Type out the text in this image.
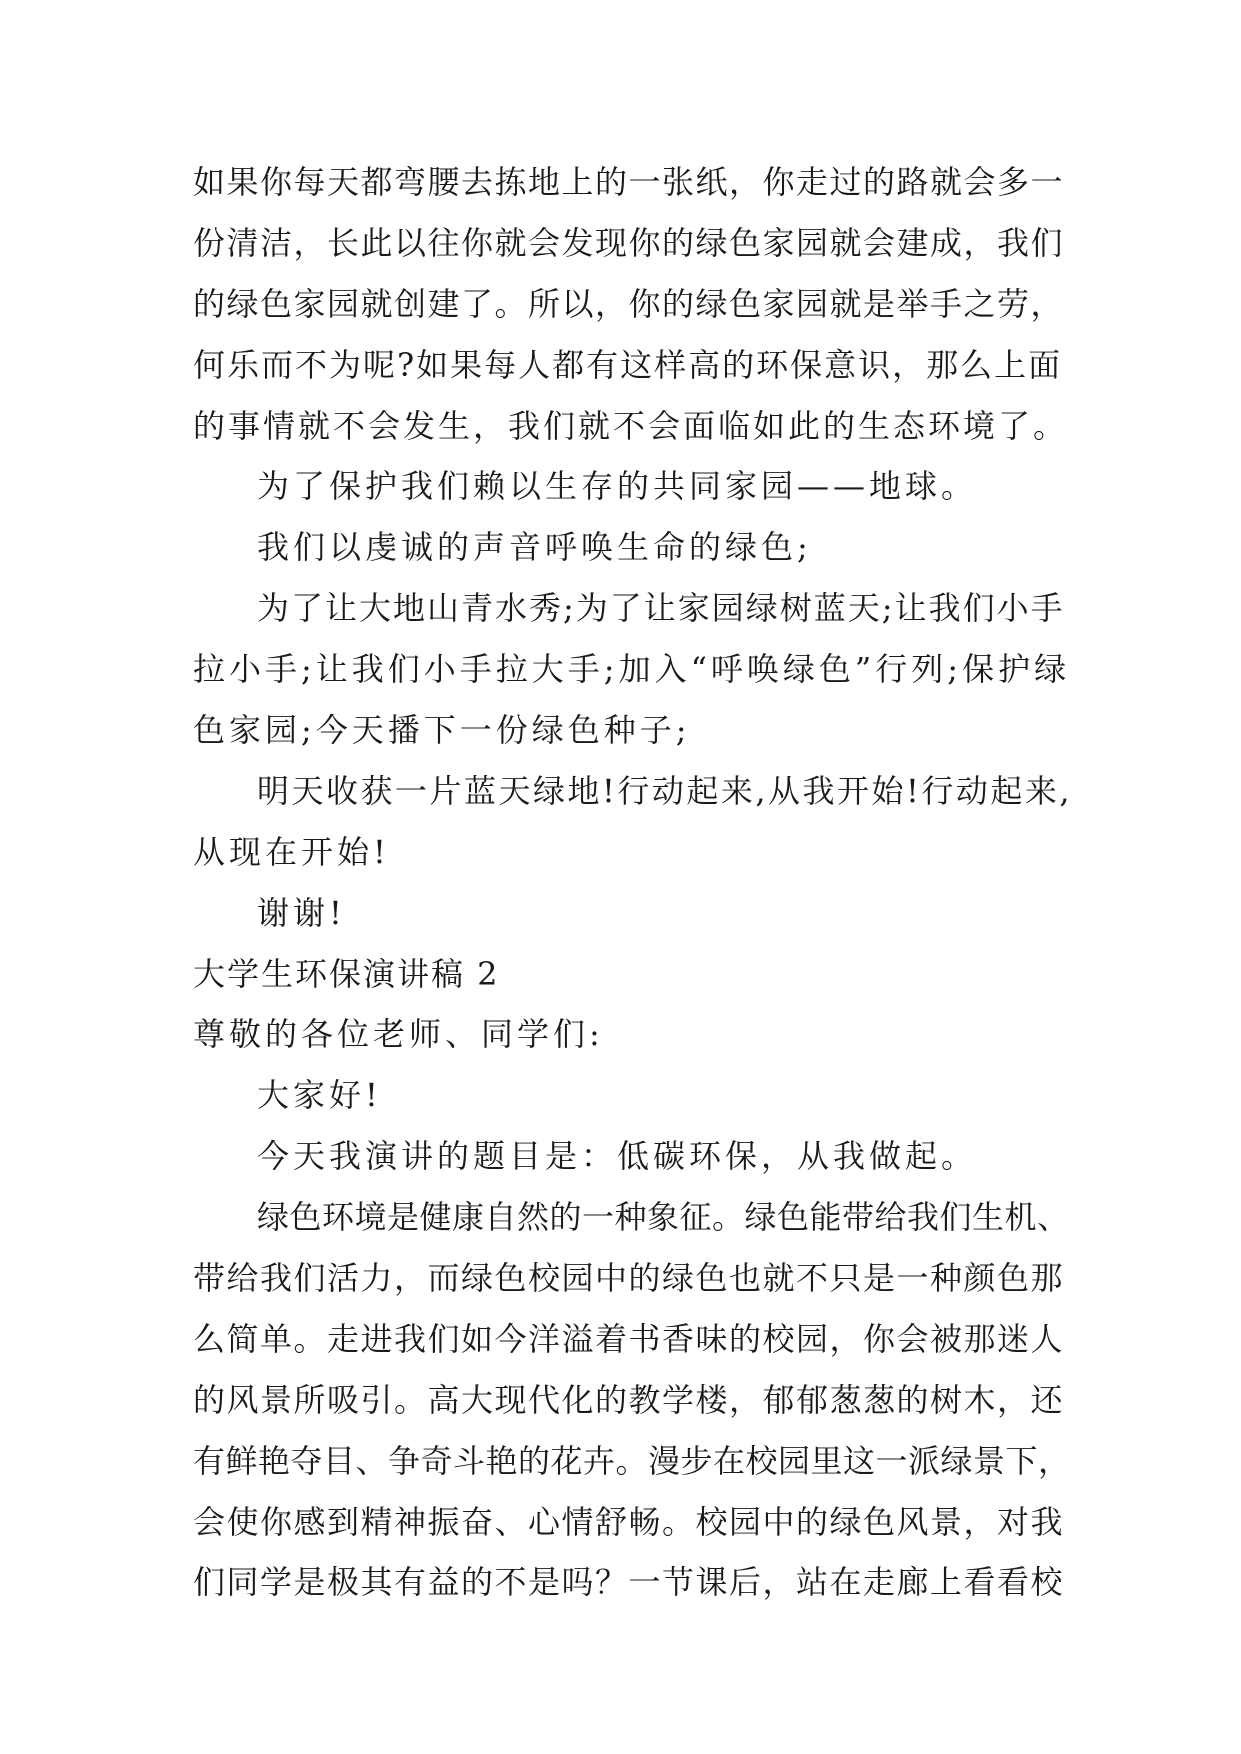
如果你每天都弯腰去拣地上的一张纸，你走过的路就会多一
份清洁，长此以往你就会发现你的绿色家园就会建成，我们
的绿色家园就创建了。所以，你的绿色家园就是举手之劳，
何乐而不为呢?如果每人都有这样高的环保意识，那么上面
的事情就不会发生，我们就不会面临如此的生态环境了。
为了保护我们赖以生存的共同家园——地球。
我们以虔诚的声音呼唤生命的绿色;
为了让大地山青水秀;为了让家园绿树蓝天;让我们小手
拉小手;让我们小手拉大手;加入“呼唤绿色”行列;保护绿
色家园;今天播下一份绿色种子;
明天收获一片蓝天绿地!行动起来,从我开始!行动起来,
从现在开始!
谢谢!
大学生环保演讲稿 2
尊敬的各位老师、同学们:
大家好!
今天我演讲的题目是：低碳环保，从我做起。
绿色环境是健康自然的一种象征。绿色能带给我们生机、
带给我们活力，而绿色校园中的绿色也就不只是一种颜色那
么简单。走进我们如今洋溢着书香味的校园，你会被那迷人
的风景所吸引。高大现代化的教学楼，郁郁葱葱的树木，还
有鲜艳夺目、争奇斗艳的花卉。漫步在校园里这一派绿景下，
会使你感到精神振奋、心情舒畅。校园中的绿色风景，对我
们同学是极其有益的不是吗？一节课后，站在走廊上看看校
